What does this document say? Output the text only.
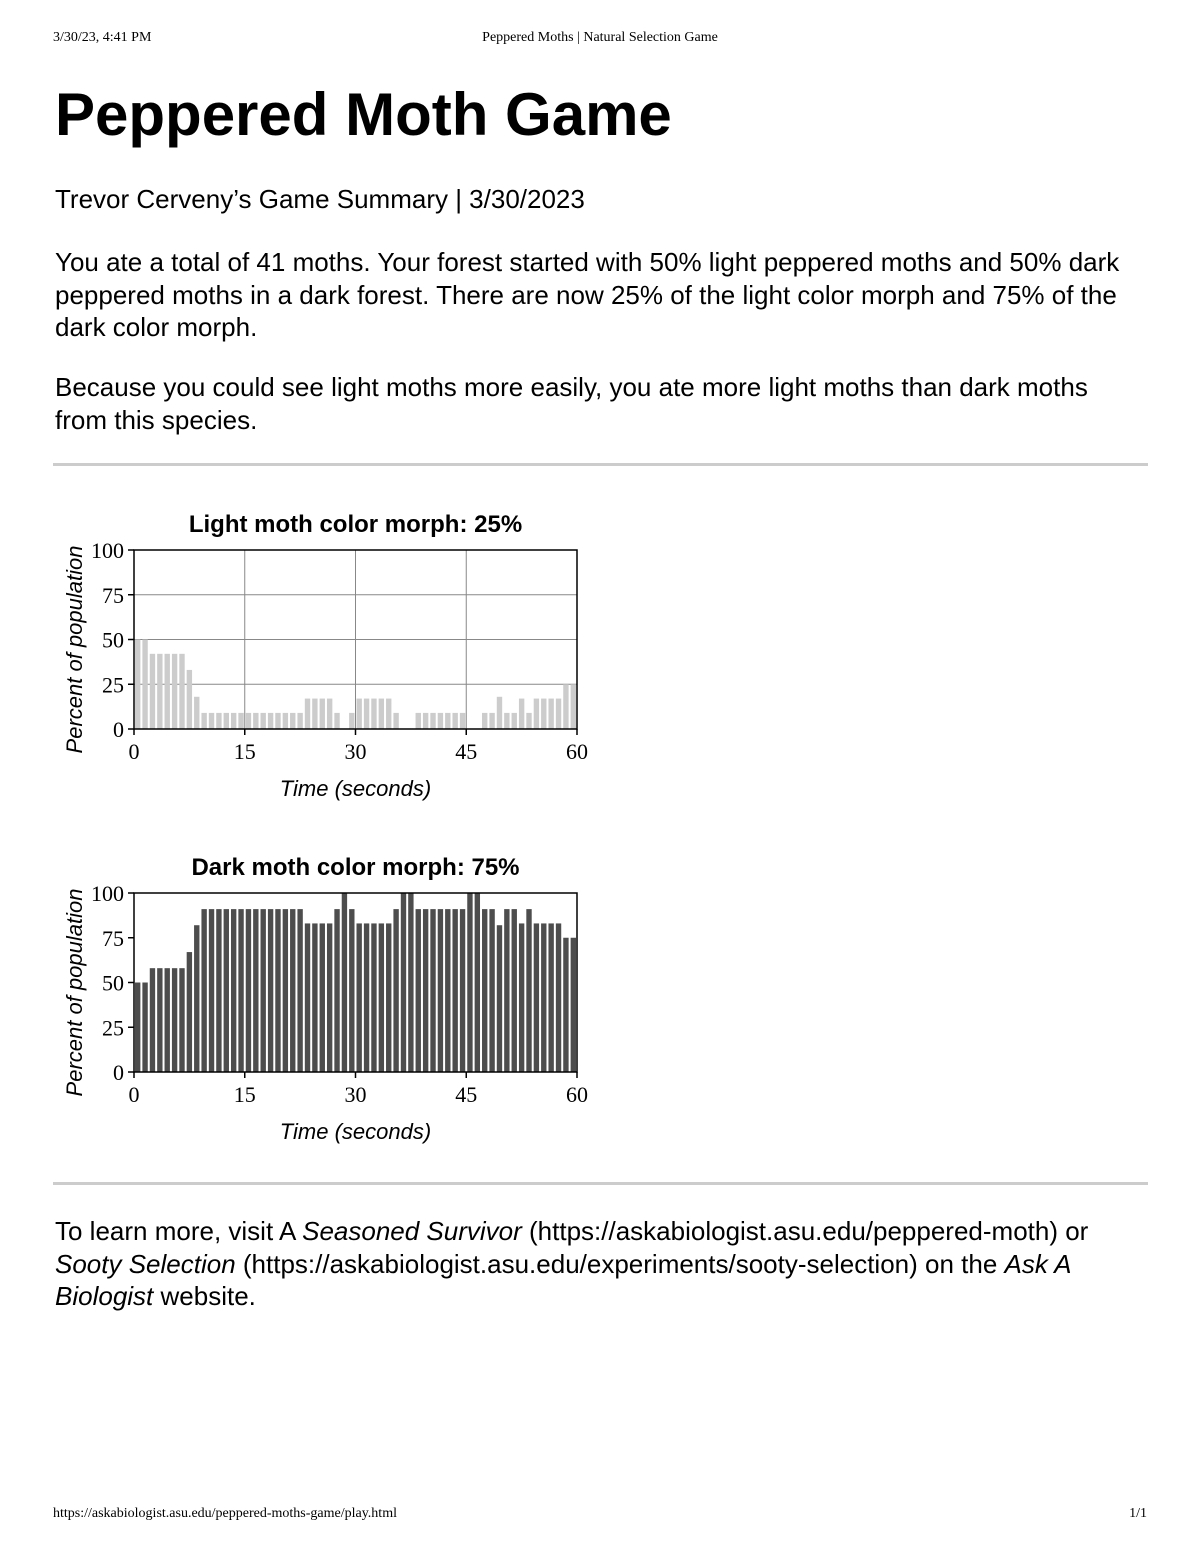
3/30/23, 4:41 PM	Peppered Moths | Natural Selection Game
Peppered Moth Game

Trevor Cerveny’s Game Summary | 3/30/2023

You ate a total of 41 moths. Your forest started with 50% light peppered moths and 50% dark peppered moths in a dark forest. There are now 25% of the light color morph and 75% of the dark color morph.

Because you could see light moths more easily, you ate more light moths than dark moths from this species.

Light moth color morph: 25%
0	15	30	45	60
0
25
50
75
100
Time (seconds)
Percent of population
Dark moth color morph: 75%
0	15	30	45	60
0
25
50
75
100
Time (seconds)
Percent of population

To learn more, visit A Seasoned Survivor (https://askabiologist.asu.edu/peppered-moth) or Sooty Selection (https://askabiologist.asu.edu/experiments/sooty-selection) on the Ask A Biologist website.

https://askabiologist.asu.edu/peppered-moths-game/play.html	1/1
